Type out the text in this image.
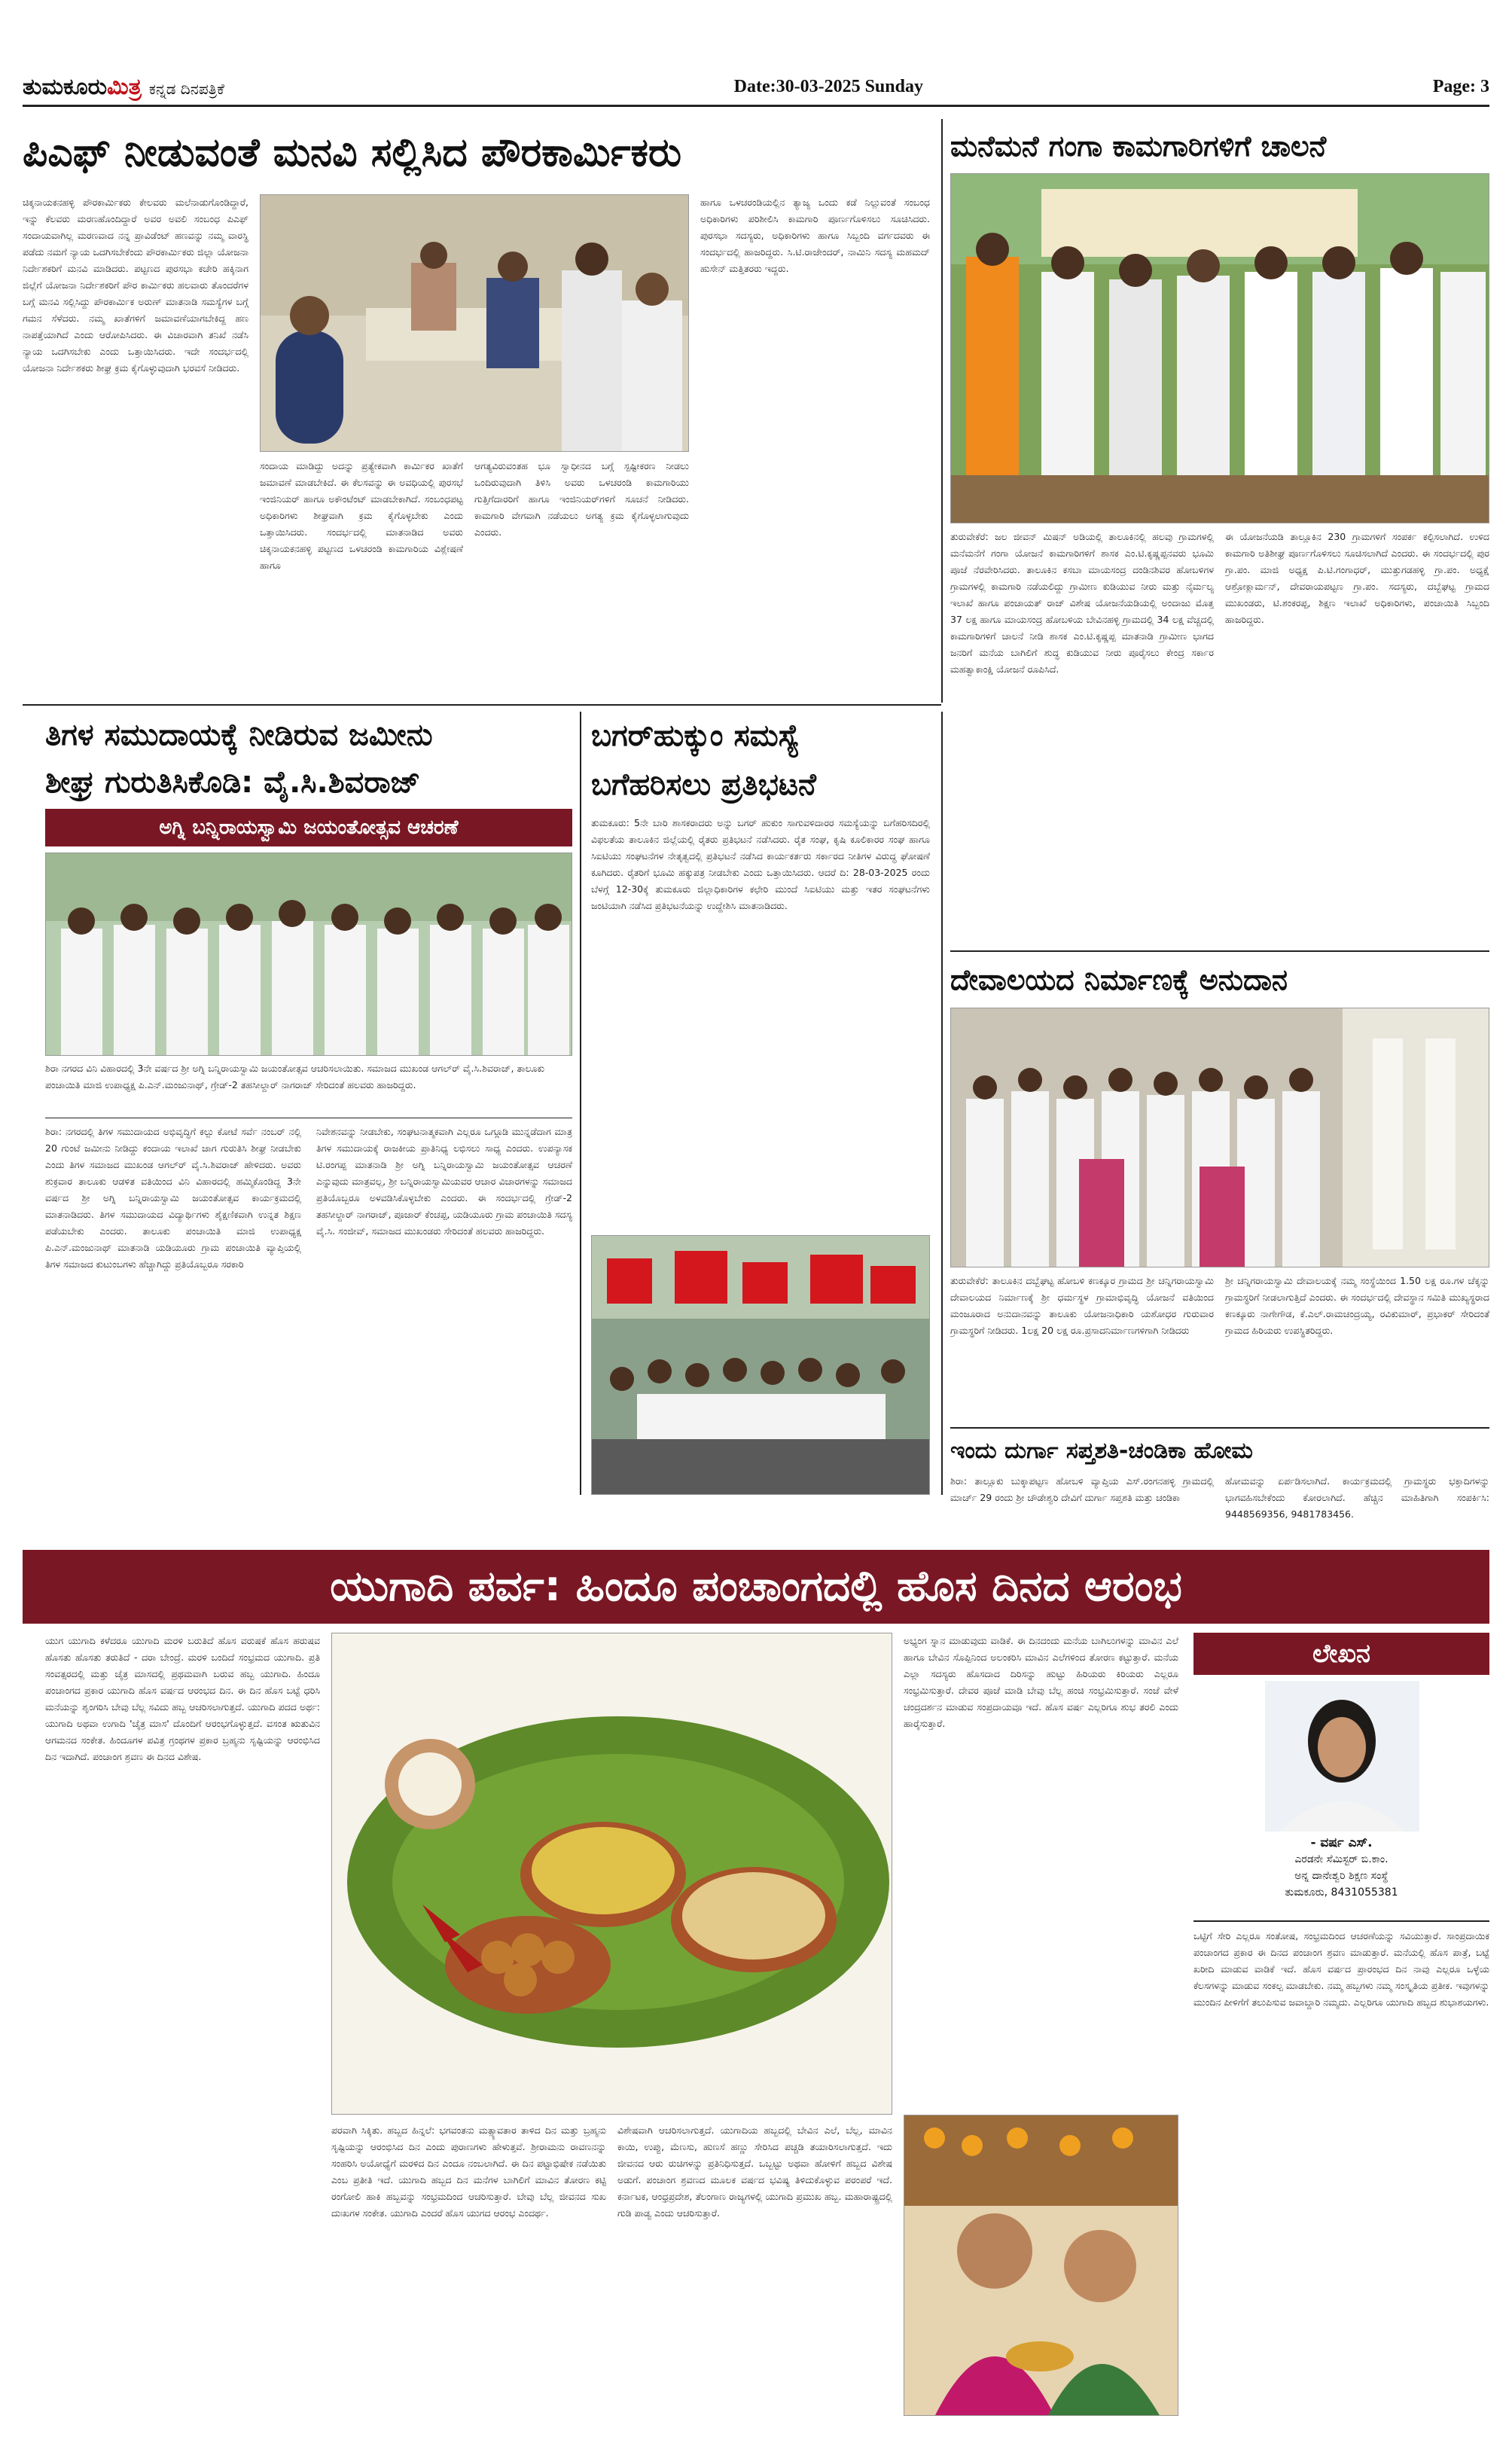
ತುಮಕೂರುಮಿತ್ರ ಕನ್ನಡ ದಿನಪತ್ರಿಕೆ	Date:30-03-2025 Sunday	Page: 3
ಪಿಎಫ್ ನೀಡುವಂತೆ ಮನವಿ ಸಲ್ಲಿಸಿದ ಪೌರಕಾರ್ಮಿಕರು
ಚಿಕ್ಕನಾಯಕನಹಳ್ಳಿ ಪೌರಕಾರ್ಮಿಕರು ಕೇಲವರು ಮಲೆನಾಡುಗೊಂಡಿದ್ದಾರೆ, ಇನ್ನು ಕೆಲವರು ಮರಣಹೊಂದಿದ್ದಾರೆ ಅವರ ಅವಲಿ ಸಂಬಂಧ ಪಿಎಫ್ ಸಂದಾಯವಾಗಿಲ್ಲ ಮರಣವಾದ ನನ್ನ ಪ್ರಾವಿಡೆಂಟ್ ಹಣವನ್ನು ನಮ್ಮ ವಾರಸ್ಥಿ ಪಡೆದು ನಮಗೆ ನ್ಯಾಯ ಒದಗಿಸಬೇಕೆಂದು ಪೌರಕಾರ್ಮಿಕರು ಜಿಲ್ಲಾ ಯೋಜನಾ ನಿರ್ದೇಶಕರಿಗೆ ಮನವಿ ಮಾಡಿದರು. ಪಟ್ಟಣದ ಪುರಸಭಾ ಕಚೇರಿ ಹಕ್ಕಿನಾಗ ಜಿಲ್ಲೆಗೆ ಯೋಜನಾ ನಿರ್ದೇಶಕರಿಗೆ ಪೌರ ಕಾರ್ಮಿಕರು ಹಲವಾರು ತೊಂದರೆಗಳ ಬಗ್ಗೆ ಮನವಿ ಸಲ್ಲಿಸಿದ್ದು ಪೌರಕಾರ್ಮಿಕ ಅರುಣ್ ಮಾತನಾಡಿ ಸಮಸ್ಯೆಗಳ ಬಗ್ಗೆ ಗಮನ ಸೆಳೆದರು. ನಮ್ಮ ಖಾತೆಗಳಿಗೆ ಜಮಾವಣೆಯಾಗಬೇಕಿದ್ದ ಹಣ ನಾಪತ್ತೆಯಾಗಿದೆ ಎಂದು ಆರೋಪಿಸಿದರು. ಈ ವಿಚಾರವಾಗಿ ತನಿಖೆ ನಡೆಸಿ ನ್ಯಾಯ ಒದಗಿಸಬೇಕು ಎಂದು ಒತ್ತಾಯಿಸಿದರು. ಇದೇ ಸಂದರ್ಭದಲ್ಲಿ ಯೋಜನಾ ನಿರ್ದೇಶಕರು ಶೀಘ್ರ ಕ್ರಮ ಕೈಗೊಳ್ಳುವುದಾಗಿ ಭರವಸೆ ನೀಡಿದರು.
ಸಂದಾಯ ಮಾಡಿದ್ದು ಅದನ್ನು ಪ್ರತ್ಯೇಕವಾಗಿ ಕಾರ್ಮಿಕರ ಖಾತೆಗೆ ಜಮಾವಣೆ ಮಾಡಬೇಕಿದೆ. ಈ ಕೆಲಸವನ್ನು ಈ ಅವಧಿಯಲ್ಲಿ ಪುರಸಭೆ ಇಂಜಿನಿಯರ್ ಹಾಗೂ ಅಕೌಂಟೆಂಟ್ ಮಾಡಬೇಕಾಗಿದೆ. ಸಂಬಂಧಪಟ್ಟ ಅಧಿಕಾರಿಗಳು ಶೀಘ್ರವಾಗಿ ಕ್ರಮ ಕೈಗೊಳ್ಳಬೇಕು ಎಂದು ಒತ್ತಾಯಿಸಿದರು. ಸಂದರ್ಭದಲ್ಲಿ ಮಾತನಾಡಿದ ಅವರು ಚಿಕ್ಕನಾಯಕನಹಳ್ಳಿ ಪಟ್ಟಣದ ಒಳಚರಂಡಿ ಕಾಮಗಾರಿಯ ವಿಶ್ಲೇಷಣೆ ಹಾಗೂ
ಆಗತ್ಯವಿರುವಂತಹ ಭೂ ಸ್ವಾಧೀನದ ಬಗ್ಗೆ ಸ್ಪಷ್ಟೀಕರಣ ನೀಡಲು ಒಂದಿರುವುದಾಗಿ ತಿಳಿಸಿ ಅವರು ಒಳಚರಂಡಿ ಕಾಮಗಾರಿಯು ಗುತ್ತಿಗೆದಾರರಿಗೆ ಹಾಗೂ ಇಂಜಿನಿಯರ್‌ಗಳಿಗೆ ಸೂಚನೆ ನೀಡಿದರು. ಕಾಮಗಾರಿ ವೇಗವಾಗಿ ನಡೆಯಲು ಅಗತ್ಯ ಕ್ರಮ ಕೈಗೊಳ್ಳಲಾಗುವುದು ಎಂದರು.
ಹಾಗೂ ಒಳಚರಂಡಿಯಲ್ಲಿನ ತ್ಯಾಜ್ಯ ಒಂದು ಕಡೆ ನಿಲ್ಲುವಂತೆ ಸಂಬಂಧ ಅಧಿಕಾರಿಗಳು ಪರಿಶೀಲಿಸಿ ಕಾಮಗಾರಿ ಪೂರ್ಣಗೊಳಿಸಲು ಸೂಚಿಸಿದರು. ಪುರಸಭಾ ಸದಸ್ಯರು, ಅಧಿಕಾರಿಗಳು ಹಾಗೂ ಸಿಬ್ಬಂದಿ ವರ್ಗದವರು ಈ ಸಂದರ್ಭದಲ್ಲಿ ಹಾಜರಿದ್ದರು. ಸಿ.ಟಿ.ರಾಜೇಂದರ್, ನಾಮಿನಿ ಸದಸ್ಯ ಮಹಮದ್ ಹುಸೇನ್ ಮತ್ತಿತರರು ಇದ್ದರು.
ಮನೆಮನೆ ಗಂಗಾ ಕಾಮಗಾರಿಗಳಿಗೆ ಚಾಲನೆ
ತುರುವೇಕೆರೆ: ಜಲ ಜೀವನ್ ಮಿಷನ್ ಅಡಿಯಲ್ಲಿ ತಾಲೂಕಿನಲ್ಲಿ ಹಲವು ಗ್ರಾಮಗಳಲ್ಲಿ ಮನೆಮನೆಗೆ ಗಂಗಾ ಯೋಜನೆ ಕಾಮಗಾರಿಗಳಿಗೆ ಶಾಸಕ ಎಂ.ಟಿ.ಕೃಷ್ಣಪ್ಪನವರು ಭೂಮಿ ಪೂಜೆ ನೆರವೇರಿಸಿದರು. ತಾಲೂಕಿನ ಕಸಬಾ ಮಾಯಸಂದ್ರ ದಂಡಿನಶಿವರ ಹೋಬಳಿಗಳ ಗ್ರಾಮಗಳಲ್ಲಿ ಕಾಮಗಾರಿ ನಡೆಯಲಿದ್ದು ಗ್ರಾಮೀಣ ಕುಡಿಯುವ ನೀರು ಮತ್ತು ನೈರ್ಮಲ್ಯ ಇಲಾಖೆ ಹಾಗೂ ಪಂಚಾಯತ್ ರಾಜ್ ವಿಶೇಷ ಯೋಜನೆಯಡಿಯಲ್ಲಿ ಅಂದಾಜು ಮೊತ್ತ 37 ಲಕ್ಷ ಹಾಗೂ ಮಾಯಸಂದ್ರ ಹೋಬಳಿಯ ಬೇವಿನಹಳ್ಳಿ ಗ್ರಾಮದಲ್ಲಿ 34 ಲಕ್ಷ ವೆಚ್ಚದಲ್ಲಿ ಕಾಮಗಾರಿಗಳಿಗೆ ಚಾಲನೆ ನೀಡಿ ಶಾಸಕ ಎಂ.ಟಿ.ಕೃಷ್ಣಪ್ಪ ಮಾತನಾಡಿ ಗ್ರಾಮೀಣ ಭಾಗದ ಜನರಿಗೆ ಮನೆಯ ಬಾಗಿಲಿಗೆ ಶುದ್ಧ ಕುಡಿಯುವ ನೀರು ಪೂರೈಸಲು ಕೇಂದ್ರ ಸರ್ಕಾರ ಮಹತ್ವಾಕಾಂಕ್ಷಿ ಯೋಜನೆ ರೂಪಿಸಿದೆ.
ಈ ಯೋಜನೆಯಡಿ ತಾಲ್ಲೂಕಿನ 230 ಗ್ರಾಮಗಳಿಗೆ ಸಂಪರ್ಕ ಕಲ್ಪಿಸಲಾಗಿದೆ. ಉಳಿದ ಕಾಮಗಾರಿ ಅತಿಶೀಘ್ರ ಪೂರ್ಣಗೊಳಿಸಲು ಸೂಚಿಸಲಾಗಿದೆ ಎಂದರು. ಈ ಸಂದರ್ಭದಲ್ಲಿ ಪುರ ಗ್ರಾ.ಪಂ. ಮಾಜಿ ಅಧ್ಯಕ್ಷ ಪಿ.ಟಿ.ಗಂಗಾಧರ್, ಮುತ್ತುಗಡಹಳ್ಳಿ ಗ್ರಾ.ಪಂ. ಅಧ್ಯಕ್ಷೆ ಆಶ್ರೋಕ್ಲಾರ್ಮನ್, ದೇವರಾಯಪಟ್ಟಣ ಗ್ರಾ.ಪಂ. ಸದಸ್ಯರು, ದಬ್ಬೆಘಟ್ಟ ಗ್ರಾಮದ ಮುಖಂಡರು, ಟಿ.ಶಂಕರಪ್ಪ, ಶಿಕ್ಷಣ ಇಲಾಖೆ ಅಧಿಕಾರಿಗಳು, ಪಂಚಾಯಿತಿ ಸಿಬ್ಬಂದಿ ಹಾಜರಿದ್ದರು.
ತಿಗಳ ಸಮುದಾಯಕ್ಕೆ ನೀಡಿರುವ ಜಮೀನು
ಶೀಘ್ರ ಗುರುತಿಸಿಕೊಡಿ: ವೈ.ಸಿ.ಶಿವರಾಜ್
ಅಗ್ನಿ ಬನ್ನಿರಾಯಸ್ವಾಮಿ ಜಯಂತೋತ್ಸವ ಆಚರಣೆ
ಶಿರಾ ನಗರದ ವಿನಿ ವಿಹಾರದಲ್ಲಿ 3ನೇ ವರ್ಷದ ಶ್ರೀ ಅಗ್ನಿ ಬನ್ನಿರಾಯಸ್ವಾಮಿ ಜಯಂತೋತ್ಸವ ಆಚರಿಸಲಾಯಿತು. ಸಮಾಜದ ಮುಖಂಡ ಆಗಲ್‌ರ್ ವೈ.ಸಿ.ಶಿವರಾಜ್, ತಾಲೂಕು ಪಂಚಾಯಿತಿ ಮಾಜಿ ಉಪಾಧ್ಯಕ್ಷ ಪಿ.ಎನ್.ಮಂಜುನಾಥ್, ಗ್ರೇಡ್-2 ತಹಸೀಲ್ದಾರ್ ನಾಗರಾಜ್ ಸೇರಿದಂತೆ ಹಲವರು ಹಾಜರಿದ್ದರು.
ಶಿರಾ: ನಗರದಲ್ಲಿ ತಿಗಳ ಸಮುದಾಯದ ಅಭಿವೃದ್ಧಿಗೆ ಕಲ್ಪು ಕೋಟೆ ಸರ್ವೆ ನಂಬರ್ ನಲ್ಲಿ 20 ಗುಂಟೆ ಜಮೀನು ನೀಡಿದ್ದು ಕಂದಾಯ ಇಲಾಖೆ ಜಾಗ ಗುರುತಿಸಿ ಶೀಘ್ರ ನೀಡಬೇಕು ಎಂದು ತಿಗಳ ಸಮಾಜದ ಮುಖಂಡ ಆಗಲ್‌ರ್ ವೈ.ಸಿ.ಶಿವರಾಜ್ ಹೇಳಿದರು. ಅವರು ಶುಕ್ರವಾರ ತಾಲೂಕು ಆಡಳಿತ ವತಿಯಿಂದ ವಿನಿ ವಿಹಾರದಲ್ಲಿ ಹಮ್ಮಿಕೊಂಡಿದ್ದ 3ನೇ ವರ್ಷದ ಶ್ರೀ ಅಗ್ನಿ ಬನ್ನಿರಾಯಸ್ವಾಮಿ ಜಯಂತೋತ್ಸವ ಕಾರ್ಯಕ್ರಮದಲ್ಲಿ ಮಾತನಾಡಿದರು. ತಿಗಳ ಸಮುದಾಯದ ವಿದ್ಯಾರ್ಥಿಗಳು ಶೈಕ್ಷಣಿಕವಾಗಿ ಉನ್ನತ ಶಿಕ್ಷಣ ಪಡೆಯಬೇಕು ಎಂದರು. ತಾಲೂಕು ಪಂಚಾಯಿತಿ ಮಾಜಿ ಉಪಾಧ್ಯಕ್ಷ ಪಿ.ಎನ್.ಮಂಜುನಾಥ್ ಮಾತನಾಡಿ ಯಡಿಯೂರು ಗ್ರಾಮ ಪಂಚಾಯಿತಿ ವ್ಯಾಪ್ತಿಯಲ್ಲಿ ತಿಗಳ ಸಮಾಜದ ಕುಟುಂಬಗಳು ಹೆಚ್ಚಾಗಿದ್ದು ಪ್ರತಿಯೊಬ್ಬರೂ ಸರಕಾರಿ
ನಿವೇಶನವನ್ನು ನೀಡಬೇಕು, ಸಂಘಟನಾತ್ಮಕವಾಗಿ ಎಲ್ಲರೂ ಒಗ್ಗೂಡಿ ಮುನ್ನಡೆದಾಗ ಮಾತ್ರ ತಿಗಳ ಸಮುದಾಯಕ್ಕೆ ರಾಜಕೀಯ ಪ್ರಾತಿನಿಧ್ಯ ಲಭಿಸಲು ಸಾಧ್ಯ ಎಂದರು. ಉಪನ್ಯಾಸಕ ಟಿ.ರಂಗಪ್ಪ ಮಾತನಾಡಿ ಶ್ರೀ ಅಗ್ನಿ ಬನ್ನಿರಾಯಸ್ವಾಮಿ ಜಯಂತೋತ್ಸವ ಆಚರಣೆ ಎನ್ನುವುದು ಮಾತ್ರವಲ್ಲ, ಶ್ರೀ ಬನ್ನಿರಾಯಸ್ವಾಮಿಯವರ ಆಚಾರ ವಿಚಾರಗಳನ್ನು ಸಮಾಜದ ಪ್ರತಿಯೊಬ್ಬರೂ ಅಳವಡಿಸಿಕೊಳ್ಳಬೇಕು ಎಂದರು. ಈ ಸಂದರ್ಭದಲ್ಲಿ ಗ್ರೇಡ್-2 ತಹಸೀಲ್ದಾರ್ ನಾಗರಾಜ್, ಪೂಜಾರ್ ಕೆಂಚಪ್ಪ, ಯಡಿಯೂರು ಗ್ರಾಮ ಪಂಚಾಯಿತಿ ಸದಸ್ಯ ವೈ.ಸಿ. ಸಂಜೀವ್, ಸಮಾಜದ ಮುಖಂಡರು ಸೇರಿದಂತೆ ಹಲವರು ಹಾಜರಿದ್ದರು.
ಬಗರ್‌ಹುಕ್ಕುಂ ಸಮಸ್ಯೆ
ಬಗೆಹರಿಸಲು ಪ್ರತಿಭಟನೆ
ತುಮಕೂರು: 5ನೇ ಬಾರಿ ಶಾಸಕರಾದರು ಅನ್ನು ಬಗರ್ ಹುಕುಂ ಸಾಗುವಳಿದಾರರ ಸಮಸ್ಯೆಯನ್ನು ಬಗೆಹರಿಸದಿರಲ್ಲಿ ವಿಫಲತೆಯ ತಾಲೂಕಿನ ಜಿಲ್ಲೆಯಲ್ಲಿ ರೈತರು ಪ್ರತಿಭಟನೆ ನಡೆಸಿದರು. ರೈತ ಸಂಘ, ಕೃಷಿ ಕೂಲಿಕಾರರ ಸಂಘ ಹಾಗೂ ಸಿಐಟಿಯು ಸಂಘಟನೆಗಳ ನೇತೃತ್ವದಲ್ಲಿ ಪ್ರತಿಭಟನೆ ನಡೆಸಿದ ಕಾರ್ಯಕರ್ತರು ಸರ್ಕಾರದ ನೀತಿಗಳ ವಿರುದ್ಧ ಘೋಷಣೆ ಕೂಗಿದರು. ರೈತರಿಗೆ ಭೂಮಿ ಹಕ್ಕುಪತ್ರ ನೀಡಬೇಕು ಎಂದು ಒತ್ತಾಯಿಸಿದರು. ಆದರೆ ದಿ: 28-03-2025 ರಂದು ಬೆಳಗ್ಗೆ 12-30ಕ್ಕೆ ತುಮಕೂರು ಜಿಲ್ಲಾಧಿಕಾರಿಗಳ ಕಛೇರಿ ಮುಂದೆ ಸಿಐಟಿಯು ಮತ್ತು ಇತರ ಸಂಘಟನೆಗಳು ಜಂಟಿಯಾಗಿ ನಡೆಸಿದ ಪ್ರತಿಭಟನೆಯನ್ನು ಉದ್ದೇಶಿಸಿ ಮಾತನಾಡಿದರು.
ದೇವಾಲಯದ ನಿರ್ಮಾಣಕ್ಕೆ ಅನುದಾನ
ತುರುವೇಕೆರೆ: ತಾಲೂಕಿನ ದಬ್ಬೆಘಟ್ಟ ಹೋಬಳಿ ಕಣಕ್ಕೂರ ಗ್ರಾಮದ ಶ್ರೀ ಚನ್ನಿಗರಾಯಸ್ವಾಮಿ ದೇವಾಲಯದ ನಿರ್ಮಾಣಕ್ಕೆ ಶ್ರೀ ಧರ್ಮಸ್ಥಳ ಗ್ರಾಮಾಭಿವೃದ್ಧಿ ಯೋಜನೆ ವತಿಯಿಂದ ಮಂಜೂರಾದ ಅನುದಾನವನ್ನು ತಾಲೂಕು ಯೋಜನಾಧಿಕಾರಿ ಯಶೋಧರ ಗುರುವಾರ ಗ್ರಾಮಸ್ಥರಿಗೆ ನೀಡಿದರು. 1ಲಕ್ಷ 20 ಲಕ್ಷ ರೂ.ಪ್ರಸಾದನಿರ್ಮಾಣಗಳಿಗಾಗಿ ನೀಡಿದರು
ಶ್ರೀ ಚನ್ನಿಗರಾಯಸ್ವಾಮಿ ದೇವಾಲಯಕ್ಕೆ ನಮ್ಮ ಸಂಸ್ಥೆಯಿಂದ 1.50 ಲಕ್ಷ ರೂ.ಗಳ ಚೆಕ್ಕನ್ನು ಗ್ರಾಮಸ್ಥರಿಗೆ ನೀಡಲಾಗುತ್ತಿದೆ ಎಂದರು. ಈ ಸಂದರ್ಭದಲ್ಲಿ ದೇವಸ್ಥಾನ ಸಮಿತಿ ಮುಖ್ಯಸ್ಥರಾದ ಕಣಕ್ಕೂರು ನಾಗೇಗೌಡ, ಕೆ.ಎಲ್.ರಾಮಚಂದ್ರಯ್ಯ, ರವಿಕುಮಾರ್, ಪ್ರಭಾಕರ್ ಸೇರಿದಂತೆ ಗ್ರಾಮದ ಹಿರಿಯರು ಉಪಸ್ಥಿತರಿದ್ದರು.
ಇಂದು ದುರ್ಗಾ ಸಪ್ತಶತಿ-ಚಂಡಿಕಾ ಹೋಮ
ಶಿರಾ: ತಾಲ್ಲೂಕು ಬುಕ್ಕಾಪಟ್ಟಣ ಹೋಬಳಿ ವ್ಯಾಪ್ತಿಯ ಎಸ್.ರಂಗನಹಳ್ಳಿ ಗ್ರಾಮದಲ್ಲಿ ಮಾರ್ಚ್ 29 ರಂದು ಶ್ರೀ ಚೌಡೇಶ್ವರಿ ದೇವಿಗೆ ದುರ್ಗಾ ಸಪ್ತಶತಿ ಮತ್ತು ಚಂಡಿಕಾ
ಹೋಮವನ್ನು ಏರ್ಪಡಿಸಲಾಗಿದೆ. ಕಾರ್ಯಕ್ರಮದಲ್ಲಿ ಗ್ರಾಮಸ್ಥರು ಭಕ್ತಾದಿಗಳನ್ನು ಭಾಗವಹಿಸಬೇಕೆಂದು ಕೋರಲಾಗಿದೆ. ಹೆಚ್ಚಿನ ಮಾಹಿತಿಗಾಗಿ ಸಂಪರ್ಕಿಸಿ: 9448569356, 9481783456.
ಯುಗಾದಿ ಪರ್ವ: ಹಿಂದೂ ಪಂಚಾಂಗದಲ್ಲಿ ಹೊಸ ದಿನದ ಆರಂಭ
ಯುಗ ಯುಗಾದಿ ಕಳೆದರೂ ಯುಗಾದಿ ಮರಳಿ ಬರುತಿದೆ ಹೊಸ ವರುಷಕೆ ಹೊಸ ಹರುಷವ ಹೊಸತು ಹೊಸತು ತರುತಿದೆ - ದರಾ ಬೇಂದ್ರೆ. ಮರಳಿ ಬಂದಿದೆ ಸಂಭ್ರಮದ ಯುಗಾದಿ. ಪ್ರತಿ ಸಂವತ್ಸರದಲ್ಲಿ ಮತ್ತು ಚೈತ್ರ ಮಾಸದಲ್ಲಿ ಪ್ರಥಮವಾಗಿ ಬರುವ ಹಬ್ಬ ಯುಗಾದಿ. ಹಿಂದೂ ಪಂಚಾಂಗದ ಪ್ರಕಾರ ಯುಗಾದಿ ಹೊಸ ವರ್ಷದ ಆರಂಭದ ದಿನ. ಈ ದಿನ ಹೊಸ ಬಟ್ಟೆ ಧರಿಸಿ ಮನೆಯನ್ನು ಶೃಂಗರಿಸಿ ಬೇವು ಬೆಲ್ಲ ಸವಿದು ಹಬ್ಬ ಆಚರಿಸಲಾಗುತ್ತದೆ. ಯುಗಾದಿ ಪದದ ಅರ್ಥ: ಯುಗಾದಿ ಅಥವಾ ಉಗಾದಿ 'ಚೈತ್ರ ಮಾಸ' ದೊಂದಿಗೆ ಆರಂಭಗೊಳ್ಳುತ್ತದೆ. ವಸಂತ ಋತುವಿನ ಆಗಮನದ ಸಂಕೇತ. ಹಿಂದೂಗಳ ಪವಿತ್ರ ಗ್ರಂಥಗಳ ಪ್ರಕಾರ ಬ್ರಹ್ಮನು ಸೃಷ್ಟಿಯನ್ನು ಆರಂಭಿಸಿದ ದಿನ ಇದಾಗಿದೆ. ಪಂಚಾಂಗ ಶ್ರವಣ ಈ ದಿನದ ವಿಶೇಷ.
ಪರವಾಗಿ ಸಿಕ್ಕಿತು. ಹಬ್ಬದ ಹಿನ್ನಲೆ: ಭಗವಂತನು ಮತ್ಸ್ಯಾವತಾರ ತಾಳಿದ ದಿನ ಮತ್ತು ಬ್ರಹ್ಮನು ಸೃಷ್ಟಿಯನ್ನು ಆರಂಭಿಸಿದ ದಿನ ಎಂದು ಪುರಾಣಗಳು ಹೇಳುತ್ತವೆ. ಶ್ರೀರಾಮನು ರಾವಣನನ್ನು ಸಂಹರಿಸಿ ಅಯೋಧ್ಯೆಗೆ ಮರಳಿದ ದಿನ ಎಂದೂ ನಂಬಲಾಗಿದೆ. ಈ ದಿನ ಪಟ್ಟಾಭಿಷೇಕ ನಡೆಯಿತು ಎಂಬ ಪ್ರತೀತಿ ಇದೆ. ಯುಗಾದಿ ಹಬ್ಬದ ದಿನ ಮನೆಗಳ ಬಾಗಿಲಿಗೆ ಮಾವಿನ ತೋರಣ ಕಟ್ಟಿ ರಂಗೋಲಿ ಹಾಕಿ ಹಬ್ಬವನ್ನು ಸಂಭ್ರಮದಿಂದ ಆಚರಿಸುತ್ತಾರೆ. ಬೇವು ಬೆಲ್ಲ ಜೀವನದ ಸುಖ ದುಃಖಗಳ ಸಂಕೇತ. ಯುಗಾದಿ ಎಂದರೆ ಹೊಸ ಯುಗದ ಆರಂಭ ಎಂದರ್ಥ.
ವಿಶೇಷವಾಗಿ ಆಚರಿಸಲಾಗುತ್ತದೆ. ಯುಗಾದಿಯ ಹಬ್ಬದಲ್ಲಿ ಬೇವಿನ ಎಲೆ, ಬೆಲ್ಲ, ಮಾವಿನ ಕಾಯಿ, ಉಪ್ಪು, ಮೆಣಸು, ಹುಣಸೆ ಹಣ್ಣು ಸೇರಿಸಿದ ಪಚ್ಚಡಿ ತಯಾರಿಸಲಾಗುತ್ತದೆ. ಇದು ಜೀವನದ ಆರು ರುಚಿಗಳನ್ನು ಪ್ರತಿನಿಧಿಸುತ್ತದೆ. ಒಬ್ಬಟ್ಟು ಅಥವಾ ಹೋಳಿಗೆ ಹಬ್ಬದ ವಿಶೇಷ ಅಡುಗೆ. ಪಂಚಾಂಗ ಶ್ರವಣದ ಮೂಲಕ ವರ್ಷದ ಭವಿಷ್ಯ ತಿಳಿದುಕೊಳ್ಳುವ ಪರಂಪರೆ ಇದೆ. ಕರ್ನಾಟಕ, ಆಂಧ್ರಪ್ರದೇಶ, ತೆಲಂಗಾಣ ರಾಜ್ಯಗಳಲ್ಲಿ ಯುಗಾದಿ ಪ್ರಮುಖ ಹಬ್ಬ. ಮಹಾರಾಷ್ಟ್ರದಲ್ಲಿ ಗುಡಿ ಪಾಡ್ವ ಎಂದು ಆಚರಿಸುತ್ತಾರೆ.
ಅಭ್ಯಂಗ ಸ್ನಾನ ಮಾಡುವುದು ವಾಡಿಕೆ. ಈ ದಿನದಂದು ಮನೆಯ ಬಾಗಿಲುಗಳನ್ನು ಮಾವಿನ ಎಲೆ ಹಾಗೂ ಬೇವಿನ ಸೊಪ್ಪಿನಿಂದ ಅಲಂಕರಿಸಿ ಮಾವಿನ ಎಲೆಗಳಿಂದ ತೋರಣ ಕಟ್ಟುತ್ತಾರೆ. ಮನೆಯ ಎಲ್ಲಾ ಸದಸ್ಯರು ಹೊಸದಾದ ದಿರಿಸನ್ನು ಹುಟ್ಟು ಹಿರಿಯರು ಕಿರಿಯರು ಎಲ್ಲರೂ ಸಂಭ್ರಮಿಸುತ್ತಾರೆ. ದೇವರ ಪೂಜೆ ಮಾಡಿ ಬೇವು ಬೆಲ್ಲ ಹಂಚಿ ಸಂಭ್ರಮಿಸುತ್ತಾರೆ. ಸಂಜೆ ವೇಳೆ ಚಂದ್ರದರ್ಶನ ಮಾಡುವ ಸಂಪ್ರದಾಯವೂ ಇದೆ. ಹೊಸ ವರ್ಷ ಎಲ್ಲರಿಗೂ ಶುಭ ತರಲಿ ಎಂದು ಹಾರೈಸುತ್ತಾರೆ.
ಲೇಖನ
- ವರ್ಷ ಎಸ್.
ಎರಡನೇ ಸೆಮಿಸ್ಟರ್ ಬಿ.ಕಾಂ.
ಅನ್ನ ದಾನೇಶ್ವರಿ ಶಿಕ್ಷಣ ಸಂಸ್ಥೆ
ತುಮಕೂರು, 8431055381
ಒಟ್ಟಿಗೆ ಸೇರಿ ಎಲ್ಲರೂ ಸಂತೋಷ, ಸಂಭ್ರಮದಿಂದ ಆಚರಣೆಯನ್ನು ಸವಿಯುತ್ತಾರೆ. ಸಾಂಪ್ರದಾಯಿಕ ಪಂಚಾಂಗದ ಪ್ರಕಾರ ಈ ದಿನದ ಪಂಚಾಂಗ ಶ್ರವಣ ಮಾಡುತ್ತಾರೆ. ಮನೆಯಲ್ಲಿ ಹೊಸ ಪಾತ್ರೆ, ಬಟ್ಟೆ ಖರೀದಿ ಮಾಡುವ ವಾಡಿಕೆ ಇದೆ. ಹೊಸ ವರ್ಷದ ಪ್ರಾರಂಭದ ದಿನ ನಾವು ಎಲ್ಲರೂ ಒಳ್ಳೆಯ ಕೆಲಸಗಳನ್ನು ಮಾಡುವ ಸಂಕಲ್ಪ ಮಾಡಬೇಕು. ನಮ್ಮ ಹಬ್ಬಗಳು ನಮ್ಮ ಸಂಸ್ಕೃತಿಯ ಪ್ರತೀಕ. ಇವುಗಳನ್ನು ಮುಂದಿನ ಪೀಳಿಗೆಗೆ ತಲುಪಿಸುವ ಜವಾಬ್ದಾರಿ ನಮ್ಮದು. ಎಲ್ಲರಿಗೂ ಯುಗಾದಿ ಹಬ್ಬದ ಶುಭಾಶಯಗಳು.
